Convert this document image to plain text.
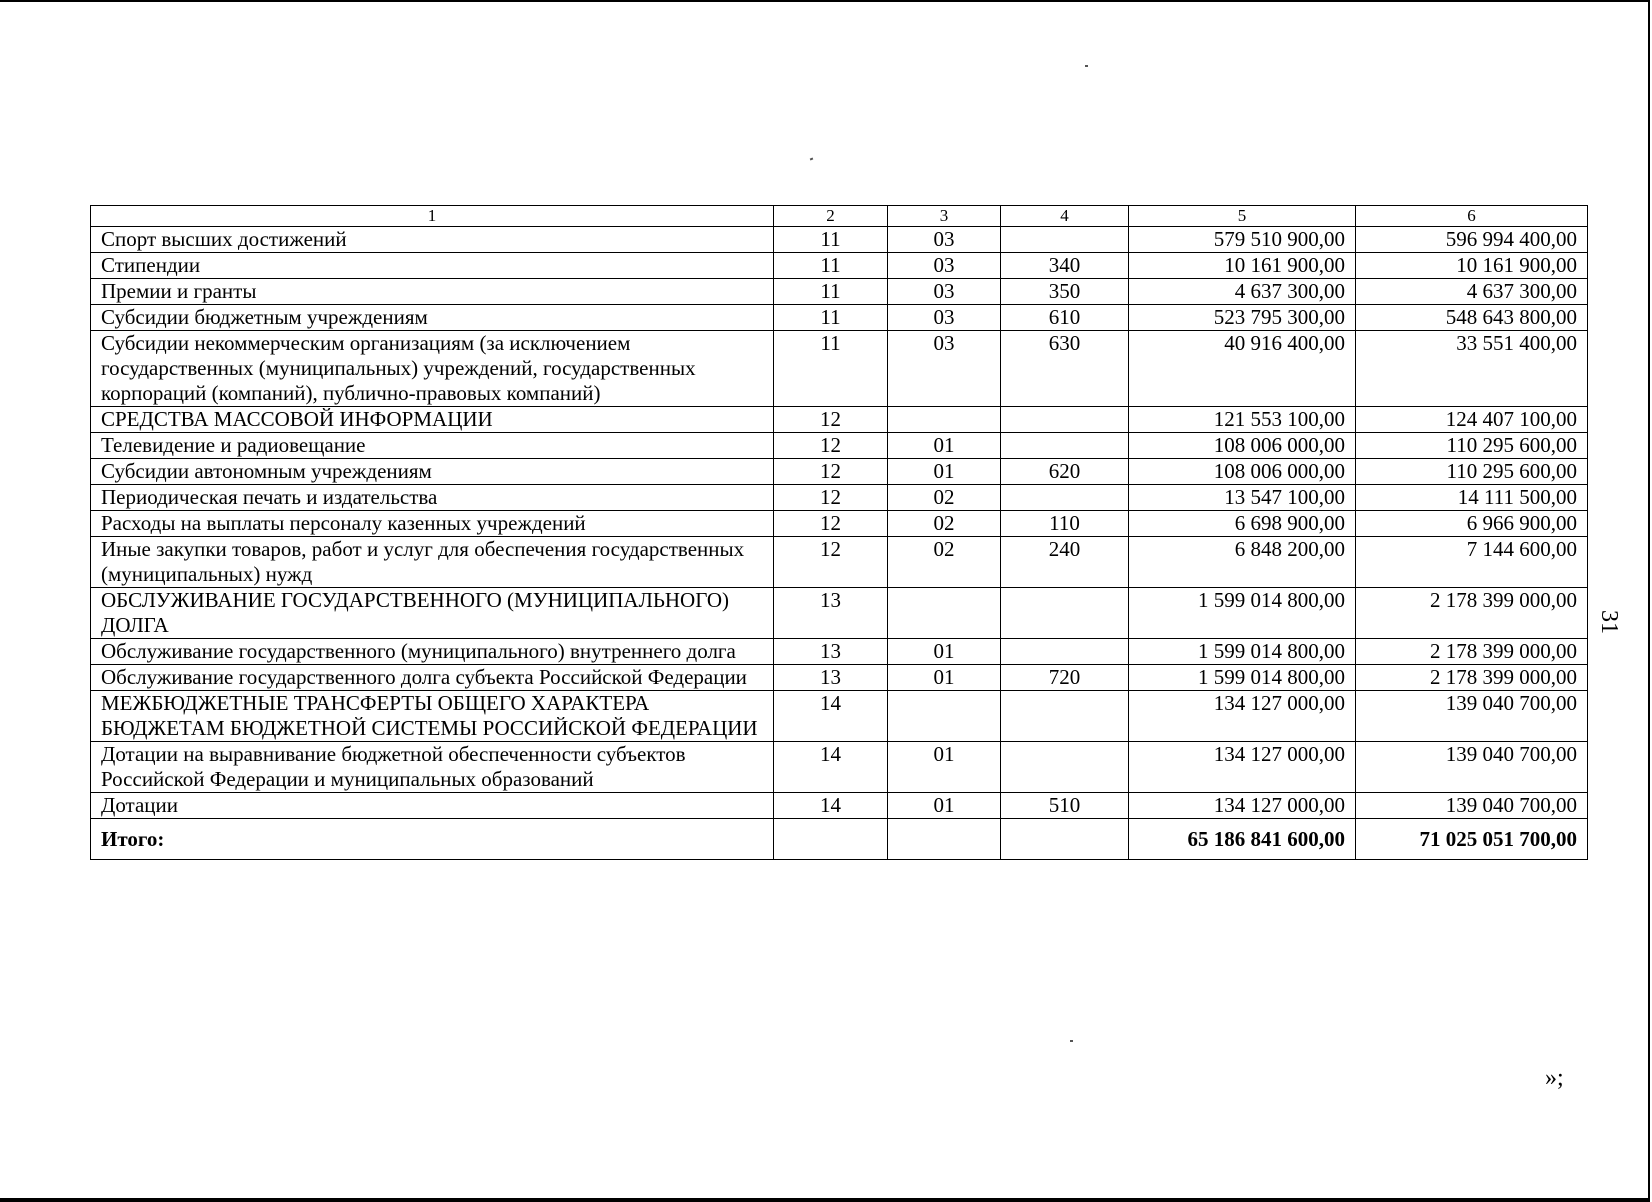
1	2	3	4	5	6
Спорт высших достижений	11	03		579 510 900,00	596 994 400,00
Стипендии	11	03	340	10 161 900,00	10 161 900,00
Премии и гранты	11	03	350	4 637 300,00	4 637 300,00
Субсидии бюджетным учреждениям	11	03	610	523 795 300,00	548 643 800,00
Субсидии некоммерческим организациям (за исключением государственных (муниципальных) учреждений, государственных корпораций (компаний), публично-правовых компаний)	11	03	630	40 916 400,00	33 551 400,00
СРЕДСТВА МАССОВОЙ ИНФОРМАЦИИ	12			121 553 100,00	124 407 100,00
Телевидение и радиовещание	12	01		108 006 000,00	110 295 600,00
Субсидии автономным учреждениям	12	01	620	108 006 000,00	110 295 600,00
Периодическая печать и издательства	12	02		13 547 100,00	14 111 500,00
Расходы на выплаты персоналу казенных учреждений	12	02	110	6 698 900,00	6 966 900,00
Иные закупки товаров, работ и услуг для обеспечения государственных (муниципальных) нужд	12	02	240	6 848 200,00	7 144 600,00
ОБСЛУЖИВАНИЕ ГОСУДАРСТВЕННОГО (МУНИЦИПАЛЬНОГО) ДОЛГА	13			1 599 014 800,00	2 178 399 000,00
Обслуживание государственного (муниципального) внутреннего долга	13	01		1 599 014 800,00	2 178 399 000,00
Обслуживание государственного долга субъекта Российской Федерации	13	01	720	1 599 014 800,00	2 178 399 000,00
МЕЖБЮДЖЕТНЫЕ ТРАНСФЕРТЫ ОБЩЕГО ХАРАКТЕРА БЮДЖЕТАМ БЮДЖЕТНОЙ СИСТЕМЫ РОССИЙСКОЙ ФЕДЕРАЦИИ	14			134 127 000,00	139 040 700,00
Дотации на выравнивание бюджетной обеспеченности субъектов Российской Федерации и муниципальных образований	14	01		134 127 000,00	139 040 700,00
Дотации	14	01	510	134 127 000,00	139 040 700,00
Итого:				65 186 841 600,00	71 025 051 700,00
31
»;
